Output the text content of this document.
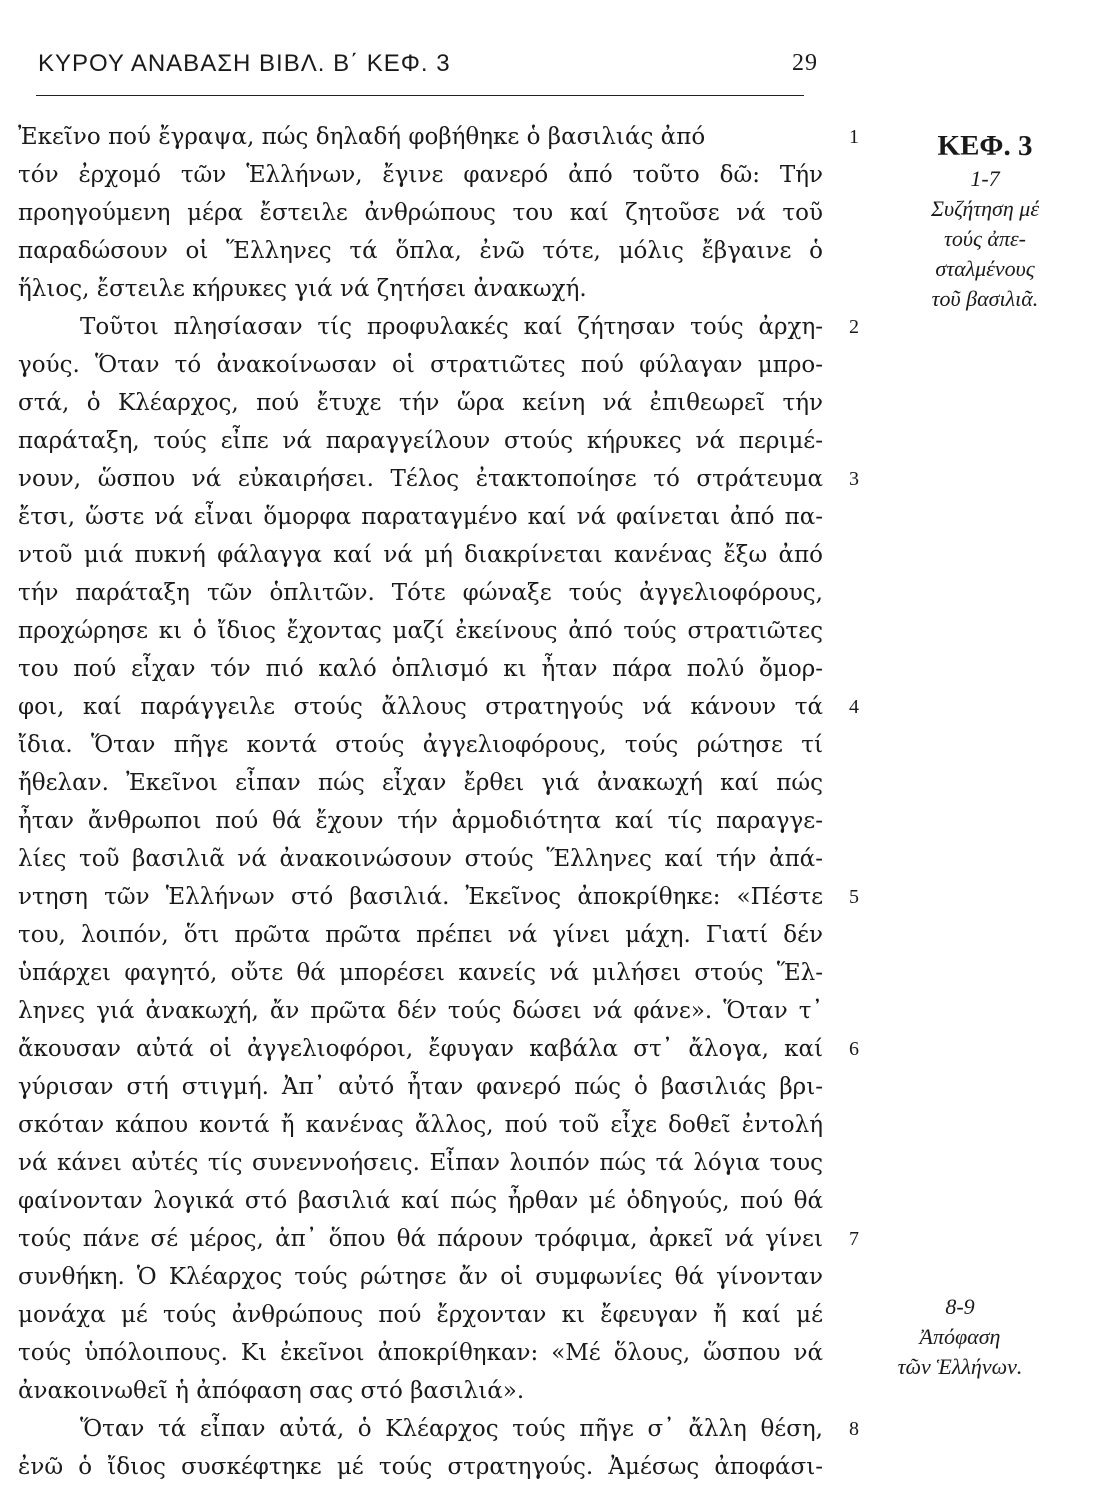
ΚΥΡΟΥ ΑΝΑΒΑΣΗ ΒΙΒΛ. Β΄ ΚΕΦ. 3	29
Ἐκεῖνο πού ἔγραψα, πώς δηλαδή φοβήθηκε ὁ βασιλιάς ἀπό
τόν ἐρχομό τῶν Ἑλλήνων, ἔγινε φανερό ἀπό τοῦτο δῶ: Τήν
προηγούμενη μέρα ἔστειλε ἀνθρώπους του καί ζητοῦσε νά τοῦ
παραδώσουν οἱ Ἕλληνες τά ὅπλα, ἐνῶ τότε, μόλις ἔβγαινε ὁ
ἥλιος, ἔστειλε κήρυκες γιά νά ζητήσει ἀνακωχή.
Τοῦτοι πλησίασαν τίς προφυλακές καί ζήτησαν τούς ἀρχη-
γούς. Ὅταν τό ἀνακοίνωσαν οἱ στρατιῶτες πού φύλαγαν μπρο-
στά, ὁ Κλέαρχος, πού ἔτυχε τήν ὥρα κείνη νά ἐπιθεωρεῖ τήν
παράταξη, τούς εἶπε νά παραγγείλουν στούς κήρυκες νά περιμέ-
νουν, ὥσπου νά εὐκαιρήσει. Τέλος ἐτακτοποίησε τό στράτευμα
ἔτσι, ὥστε νά εἶναι ὅμορφα παραταγμένο καί νά φαίνεται ἀπό πα-
ντοῦ μιά πυκνή φάλαγγα καί νά μή διακρίνεται κανένας ἔξω ἀπό
τήν παράταξη τῶν ὁπλιτῶν. Τότε φώναξε τούς ἀγγελιοφόρους,
προχώρησε κι ὁ ἴδιος ἔχοντας μαζί ἐκείνους ἀπό τούς στρατιῶτες
του πού εἶχαν τόν πιό καλό ὁπλισμό κι ἦταν πάρα πολύ ὄμορ-
φοι, καί παράγγειλε στούς ἄλλους στρατηγούς νά κάνουν τά
ἴδια. Ὅταν πῆγε κοντά στούς ἀγγελιοφόρους, τούς ρώτησε τί
ἤθελαν. Ἐκεῖνοι εἶπαν πώς εἶχαν ἔρθει γιά ἀνακωχή καί πώς
ἦταν ἄνθρωποι πού θά ἔχουν τήν ἁρμοδιότητα καί τίς παραγγε-
λίες τοῦ βασιλιᾶ νά ἀνακοινώσουν στούς Ἕλληνες καί τήν ἀπά-
ντηση τῶν Ἑλλήνων στό βασιλιά. Ἐκεῖνος ἀποκρίθηκε: «Πέστε
του, λοιπόν, ὅτι πρῶτα πρῶτα πρέπει νά γίνει μάχη. Γιατί δέν
ὑπάρχει φαγητό, οὔτε θά μπορέσει κανείς νά μιλήσει στούς Ἕλ-
ληνες γιά ἀνακωχή, ἄν πρῶτα δέν τούς δώσει νά φάνε». Ὅταν τ᾿
ἄκουσαν αὐτά οἱ ἀγγελιοφόροι, ἔφυγαν καβάλα στ᾿ ἄλογα, καί
γύρισαν στή στιγμή. Ἀπ᾿ αὐτό ἦταν φανερό πώς ὁ βασιλιάς βρι-
σκόταν κάπου κοντά ἤ κανένας ἄλλος, πού τοῦ εἶχε δοθεῖ ἐντολή
νά κάνει αὐτές τίς συνεννοήσεις. Εἶπαν λοιπόν πώς τά λόγια τους
φαίνονταν λογικά στό βασιλιά καί πώς ἦρθαν μέ ὁδηγούς, πού θά
τούς πάνε σέ μέρος, ἀπ᾿ ὅπου θά πάρουν τρόφιμα, ἀρκεῖ νά γίνει
συνθήκη. Ὁ Κλέαρχος τούς ρώτησε ἄν οἱ συμφωνίες θά γίνονταν
μονάχα μέ τούς ἀνθρώπους πού ἔρχονταν κι ἔφευγαν ἤ καί μέ
τούς ὑπόλοιπους. Κι ἐκεῖνοι ἀποκρίθηκαν: «Μέ ὅλους, ὥσπου νά
ἀνακοινωθεῖ ἡ ἀπόφαση σας στό βασιλιά».
Ὅταν τά εἶπαν αὐτά, ὁ Κλέαρχος τούς πῆγε σ᾿ ἄλλη θέση,
ἐνῶ ὁ ἴδιος συσκέφτηκε μέ τούς στρατηγούς. Ἀμέσως ἀποφάσι-
1
2
3
4
5
6
7
8
ΚΕΦ. 3
1-7
Συζήτηση μέ
τούς ἀπε-
σταλμένους
τοῦ βασιλιᾶ.
8-9
Ἀπόφαση
τῶν Ἑλλήνων.
